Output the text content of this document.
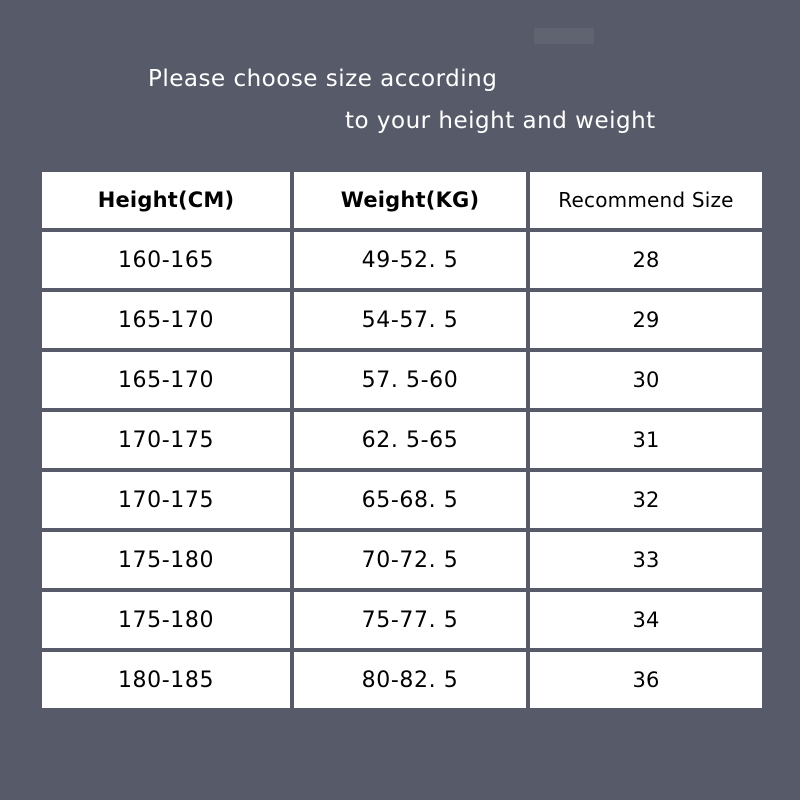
Please choose size according
to your height and weight
Height(CM)	Weight(KG)	Recommend Size
160-165	49-52. 5	28
165-170	54-57. 5	29
165-170	57. 5-60	30
170-175	62. 5-65	31
170-175	65-68. 5	32
175-180	70-72. 5	33
175-180	75-77. 5	34
180-185	80-82. 5	36
